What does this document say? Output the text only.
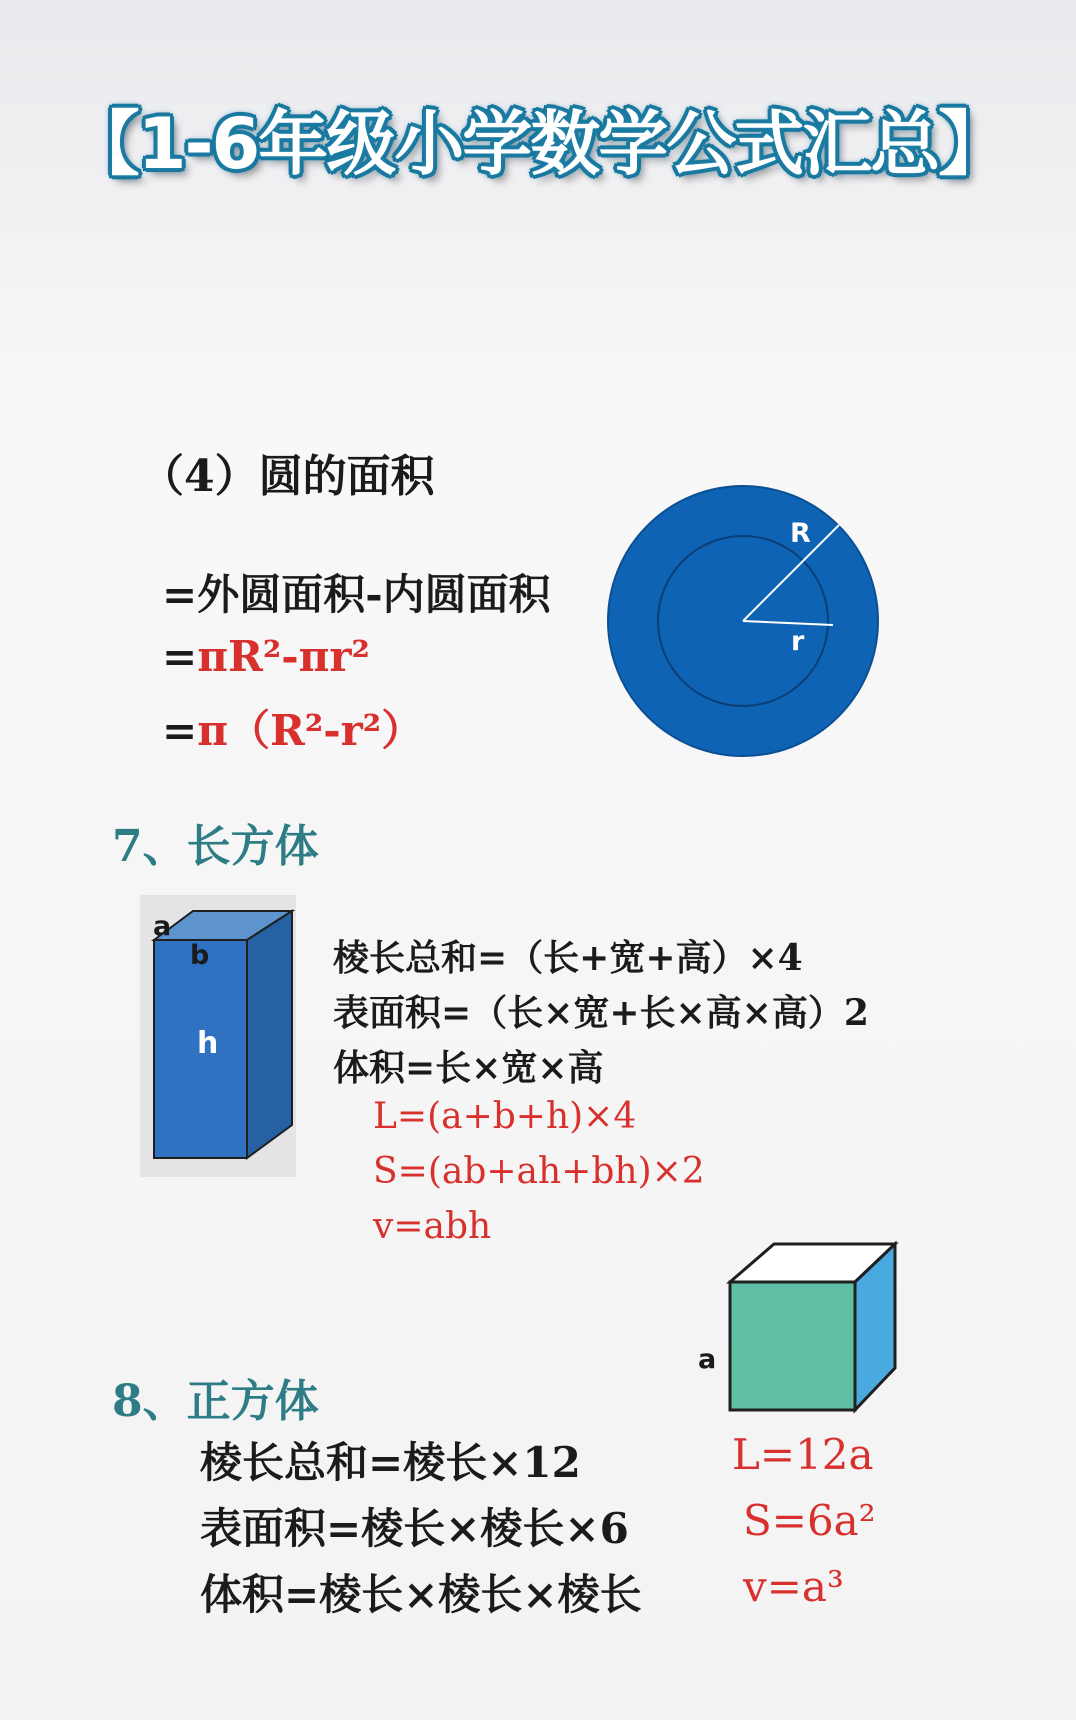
【1-6年级小学数学公式汇总】
（4）圆的面积
=外圆面积-内圆面积
=πR²-πr²
=π（R²-r²）
R
r
7、长方体
a
b
h
棱长总和=（长+宽+高）×4
表面积=（长×宽+长×高×高）2
体积=长×宽×高
L=(a+b+h)×4
S=(ab+ah+bh)×2
v=abh
a
8、正方体
棱长总和=棱长×12
表面积=棱长×棱长×6
体积=棱长×棱长×棱长
L=12a
S=6a²
v=a³
